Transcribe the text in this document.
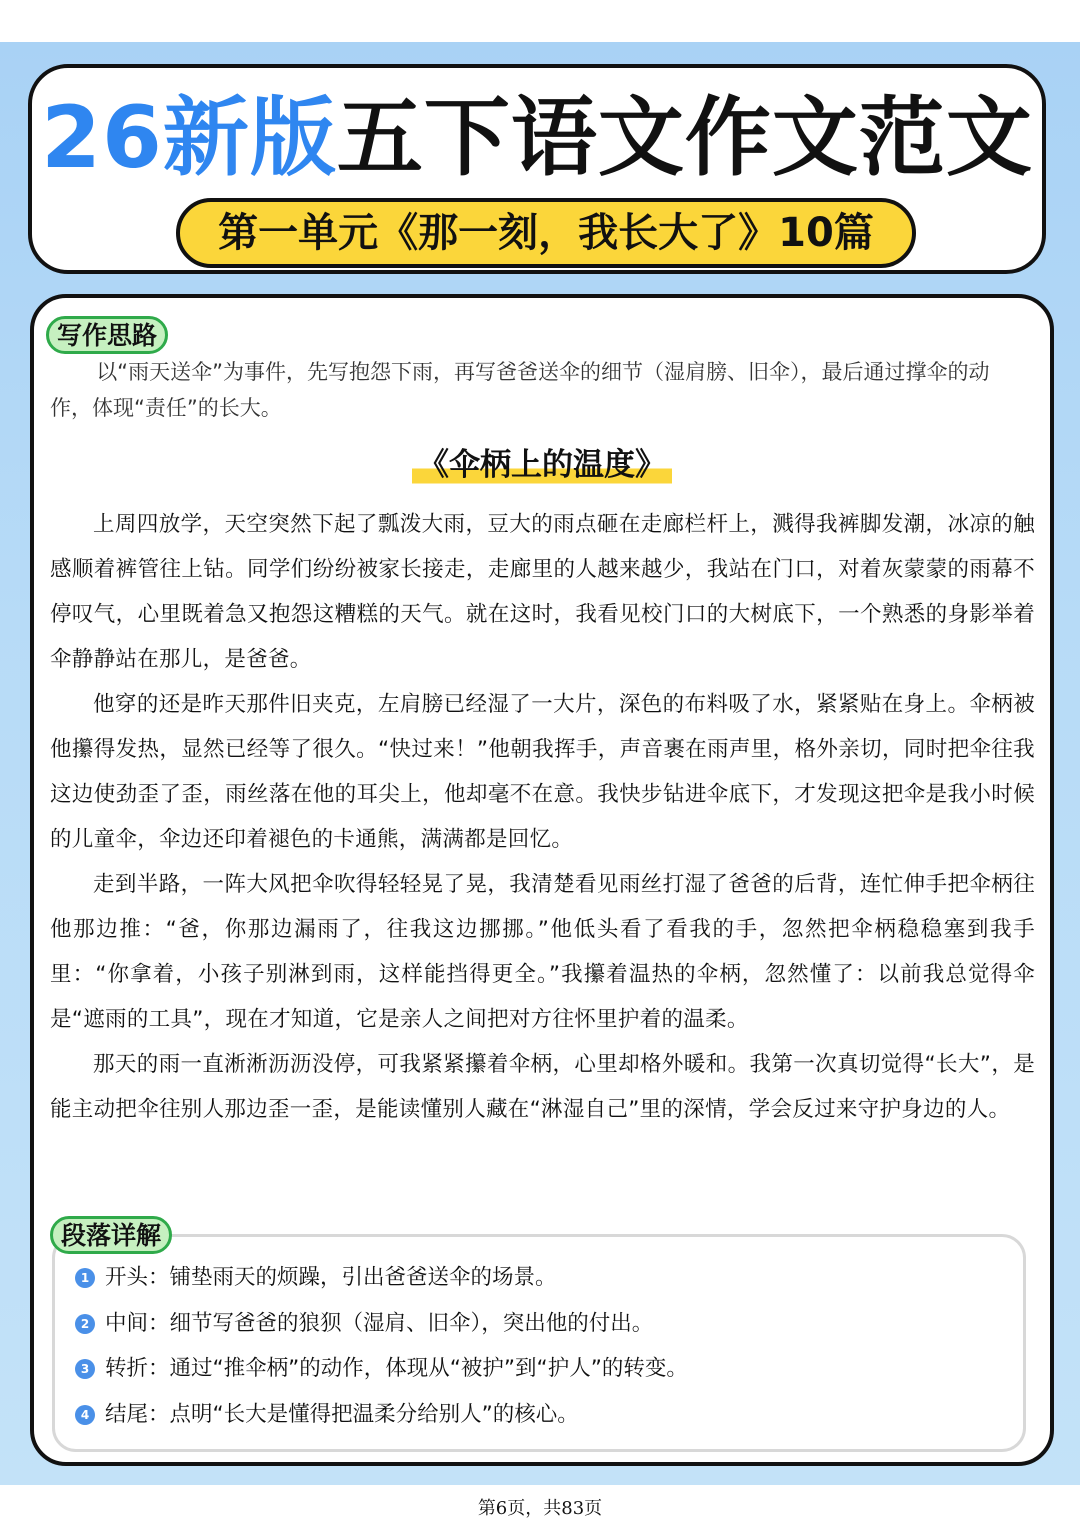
26新版五下语文作文范文
第一单元《那一刻，我长大了》10篇
写作思路

以“雨天送伞”为事件，先写抱怨下雨，再写爸爸送伞的细节（湿肩膀、旧伞），最后通过撑伞的动作，体现“责任”的长大。

《伞柄上的温度》

上周四放学，天空突然下起了瓢泼大雨，豆大的雨点砸在走廊栏杆上，溅得我裤脚发潮，冰凉的触感顺着裤管往上钻。同学们纷纷被家长接走，走廊里的人越来越少，我站在门口，对着灰蒙蒙的雨幕不停叹气，心里既着急又抱怨这糟糕的天气。就在这时，我看见校门口的大树底下，一个熟悉的身影举着伞静静站在那儿，是爸爸。

他穿的还是昨天那件旧夹克，左肩膀已经湿了一大片，深色的布料吸了水，紧紧贴在身上。伞柄被他攥得发热，显然已经等了很久。“快过来！”他朝我挥手，声音裹在雨声里，格外亲切，同时把伞往我这边使劲歪了歪，雨丝落在他的耳尖上，他却毫不在意。我快步钻进伞底下，才发现这把伞是我小时候的儿童伞，伞边还印着褪色的卡通熊，满满都是回忆。

走到半路，一阵大风把伞吹得轻轻晃了晃，我清楚看见雨丝打湿了爸爸的后背，连忙伸手把伞柄往他那边推：“爸，你那边漏雨了，往我这边挪挪。”他低头看了看我的手，忽然把伞柄稳稳塞到我手里：“你拿着，小孩子别淋到雨，这样能挡得更全。”我攥着温热的伞柄，忽然懂了：以前我总觉得伞是“遮雨的工具”，现在才知道，它是亲人之间把对方往怀里护着的温柔。

那天的雨一直淅淅沥沥没停，可我紧紧攥着伞柄，心里却格外暖和。我第一次真切觉得“长大”，是能主动把伞往别人那边歪一歪，是能读懂别人藏在“淋湿自己”里的深情，学会反过来守护身边的人。

段落详解
1 开头：铺垫雨天的烦躁，引出爸爸送伞的场景。
2 中间：细节写爸爸的狼狈（湿肩、旧伞），突出他的付出。
3 转折：通过“推伞柄”的动作，体现从“被护”到“护人”的转变。
4 结尾：点明“长大是懂得把温柔分给别人”的核心。
第6页，共83页
